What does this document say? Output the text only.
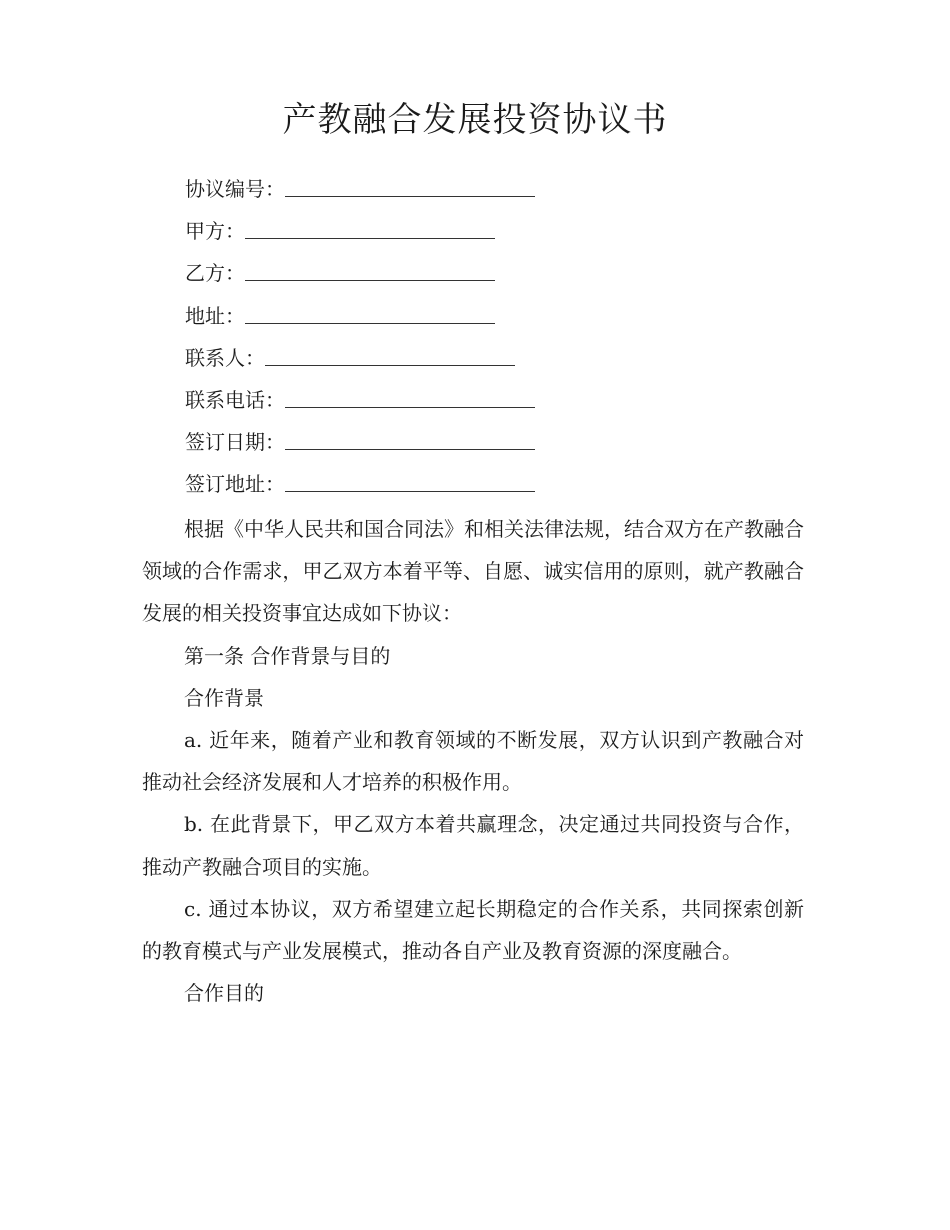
产教融合发展投资协议书
协议编号：
甲方：
乙方：
地址：
联系人：
联系电话：
签订日期：
签订地址：

根据《中华人民共和国合同法》和相关法律法规，结合双方在产教融合领域的合作需求，甲乙双方本着平等、自愿、诚实信用的原则，就产教融合发展的相关投资事宜达成如下协议：

第一条 合作背景与目的

合作背景

a. 近年来，随着产业和教育领域的不断发展，双方认识到产教融合对推动社会经济发展和人才培养的积极作用。

b. 在此背景下，甲乙双方本着共赢理念，决定通过共同投资与合作，推动产教融合项目的实施。

c. 通过本协议，双方希望建立起长期稳定的合作关系，共同探索创新的教育模式与产业发展模式，推动各自产业及教育资源的深度融合。

合作目的
